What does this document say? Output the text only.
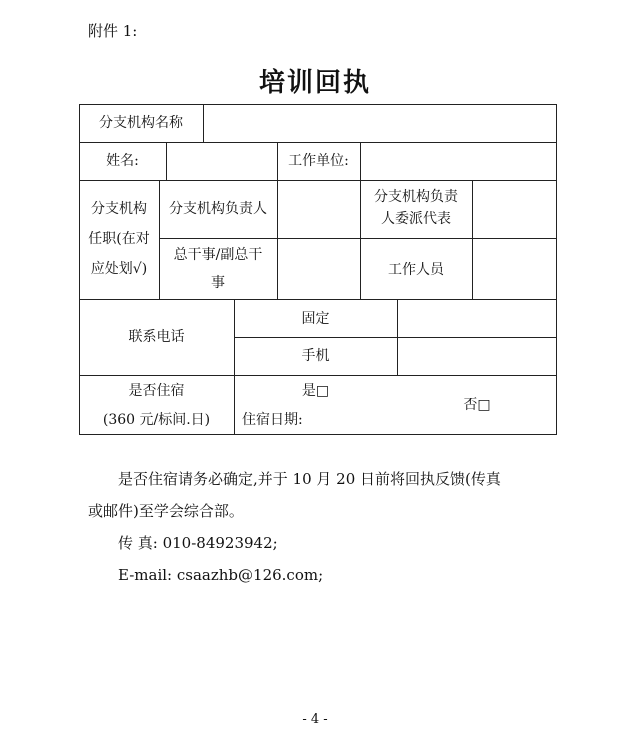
附件 1:
培训回执
分支机构名称
姓名:	工作单位:
分支机构
任职(在对
应处划√)
分支机构负责人
分支机构负责
人委派代表
总干事/副总干
事
工作人员
联系电话
固定
手机
是否住宿
(360 元/标间.日)
是□
住宿日期:
否□
是否住宿请务必确定,并于 10 月 20 日前将回执反馈(传真
或邮件)至学会综合部。
传 真: 010-84923942;
E-mail: csaazhb@126.com;
- 4 -
